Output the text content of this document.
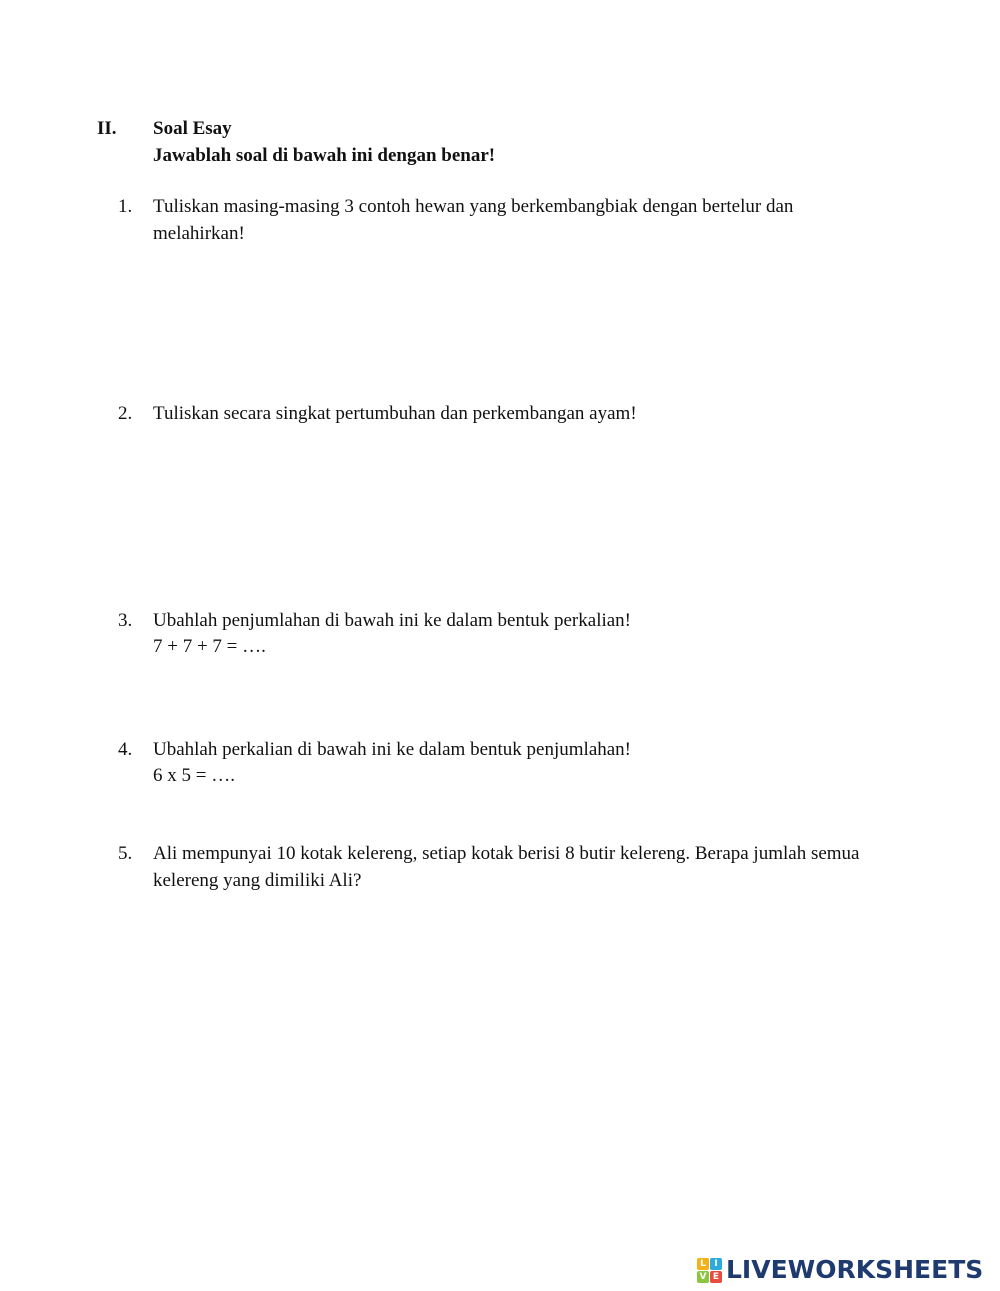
II. Soal Esay
Jawablah soal di bawah ini dengan benar!
1. Tuliskan masing-masing 3 contoh hewan yang berkembangbiak dengan bertelur dan
melahirkan!
2. Tuliskan secara singkat pertumbuhan dan perkembangan ayam!
3. Ubahlah penjumlahan di bawah ini ke dalam bentuk perkalian!
7 + 7 + 7 = ….
4. Ubahlah perkalian di bawah ini ke dalam bentuk penjumlahan!
6 x 5 = ….
5. Ali mempunyai 10 kotak kelereng, setiap kotak berisi 8 butir kelereng. Berapa jumlah semua
kelereng yang dimiliki Ali?
L I
V E LIVEWORKSHEETS
